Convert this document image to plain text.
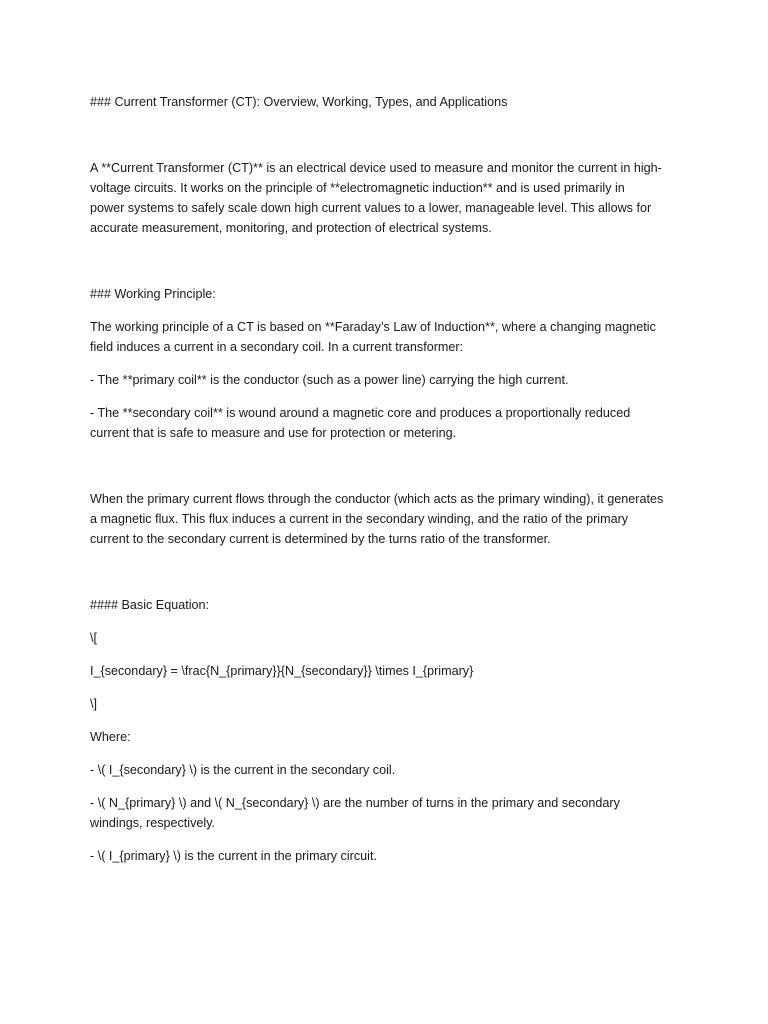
### Current Transformer (CT): Overview, Working, Types, and Applications

A **Current Transformer (CT)** is an electrical device used to measure and monitor the current in high-

voltage circuits. It works on the principle of **electromagnetic induction** and is used primarily in

power systems to safely scale down high current values to a lower, manageable level. This allows for

accurate measurement, monitoring, and protection of electrical systems.

### Working Principle:

The working principle of a CT is based on **Faraday’s Law of Induction**, where a changing magnetic

field induces a current in a secondary coil. In a current transformer:

- The **primary coil** is the conductor (such as a power line) carrying the high current.

- The **secondary coil** is wound around a magnetic core and produces a proportionally reduced

current that is safe to measure and use for protection or metering.

When the primary current flows through the conductor (which acts as the primary winding), it generates

a magnetic flux. This flux induces a current in the secondary winding, and the ratio of the primary

current to the secondary current is determined by the turns ratio of the transformer.

#### Basic Equation:

\[

I_{secondary} = \frac{N_{primary}}{N_{secondary}} \times I_{primary}

\]

Where:

- \( I_{secondary} \) is the current in the secondary coil.

- \( N_{primary} \) and \( N_{secondary} \) are the number of turns in the primary and secondary

windings, respectively.

- \( I_{primary} \) is the current in the primary circuit.
